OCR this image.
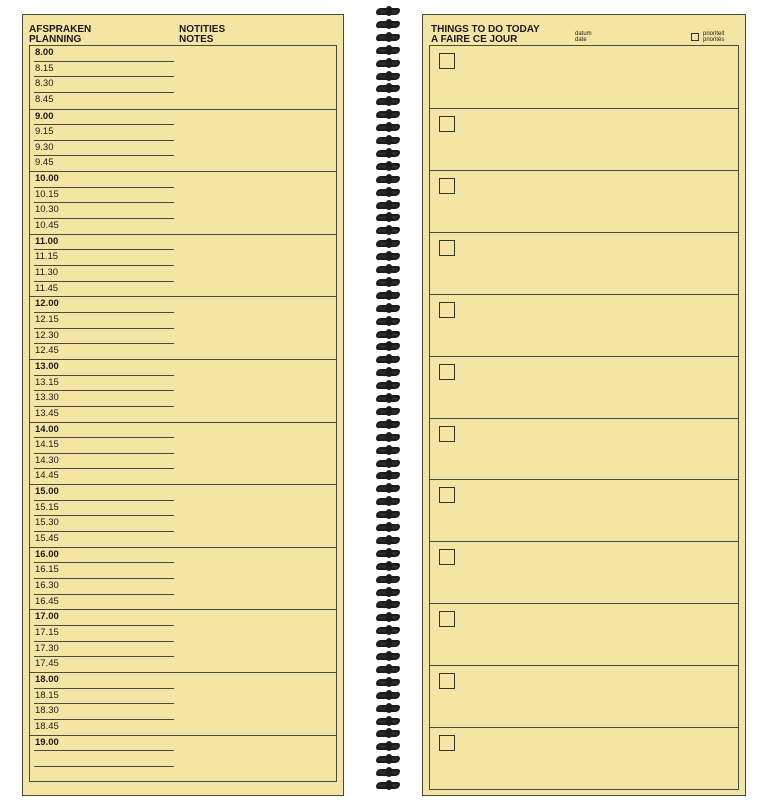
AFSPRAKEN
PLANNING
NOTITIES
NOTES
8.00
8.15
8.30
8.45
9.00
9.15
9.30
9.45
10.00
10.15
10.30
10.45
11.00
11.15
11.30
11.45
12.00
12.15
12.30
12.45
13.00
13.15
13.30
13.45
14.00
14.15
14.30
14.45
15.00
15.15
15.30
15.45
16.00
16.15
16.30
16.45
17.00
17.15
17.30
17.45
18.00
18.15
18.30
18.45
19.00
THINGS TO DO TODAY
A FAIRE CE JOUR	datum
date
prioriteit
priorités
